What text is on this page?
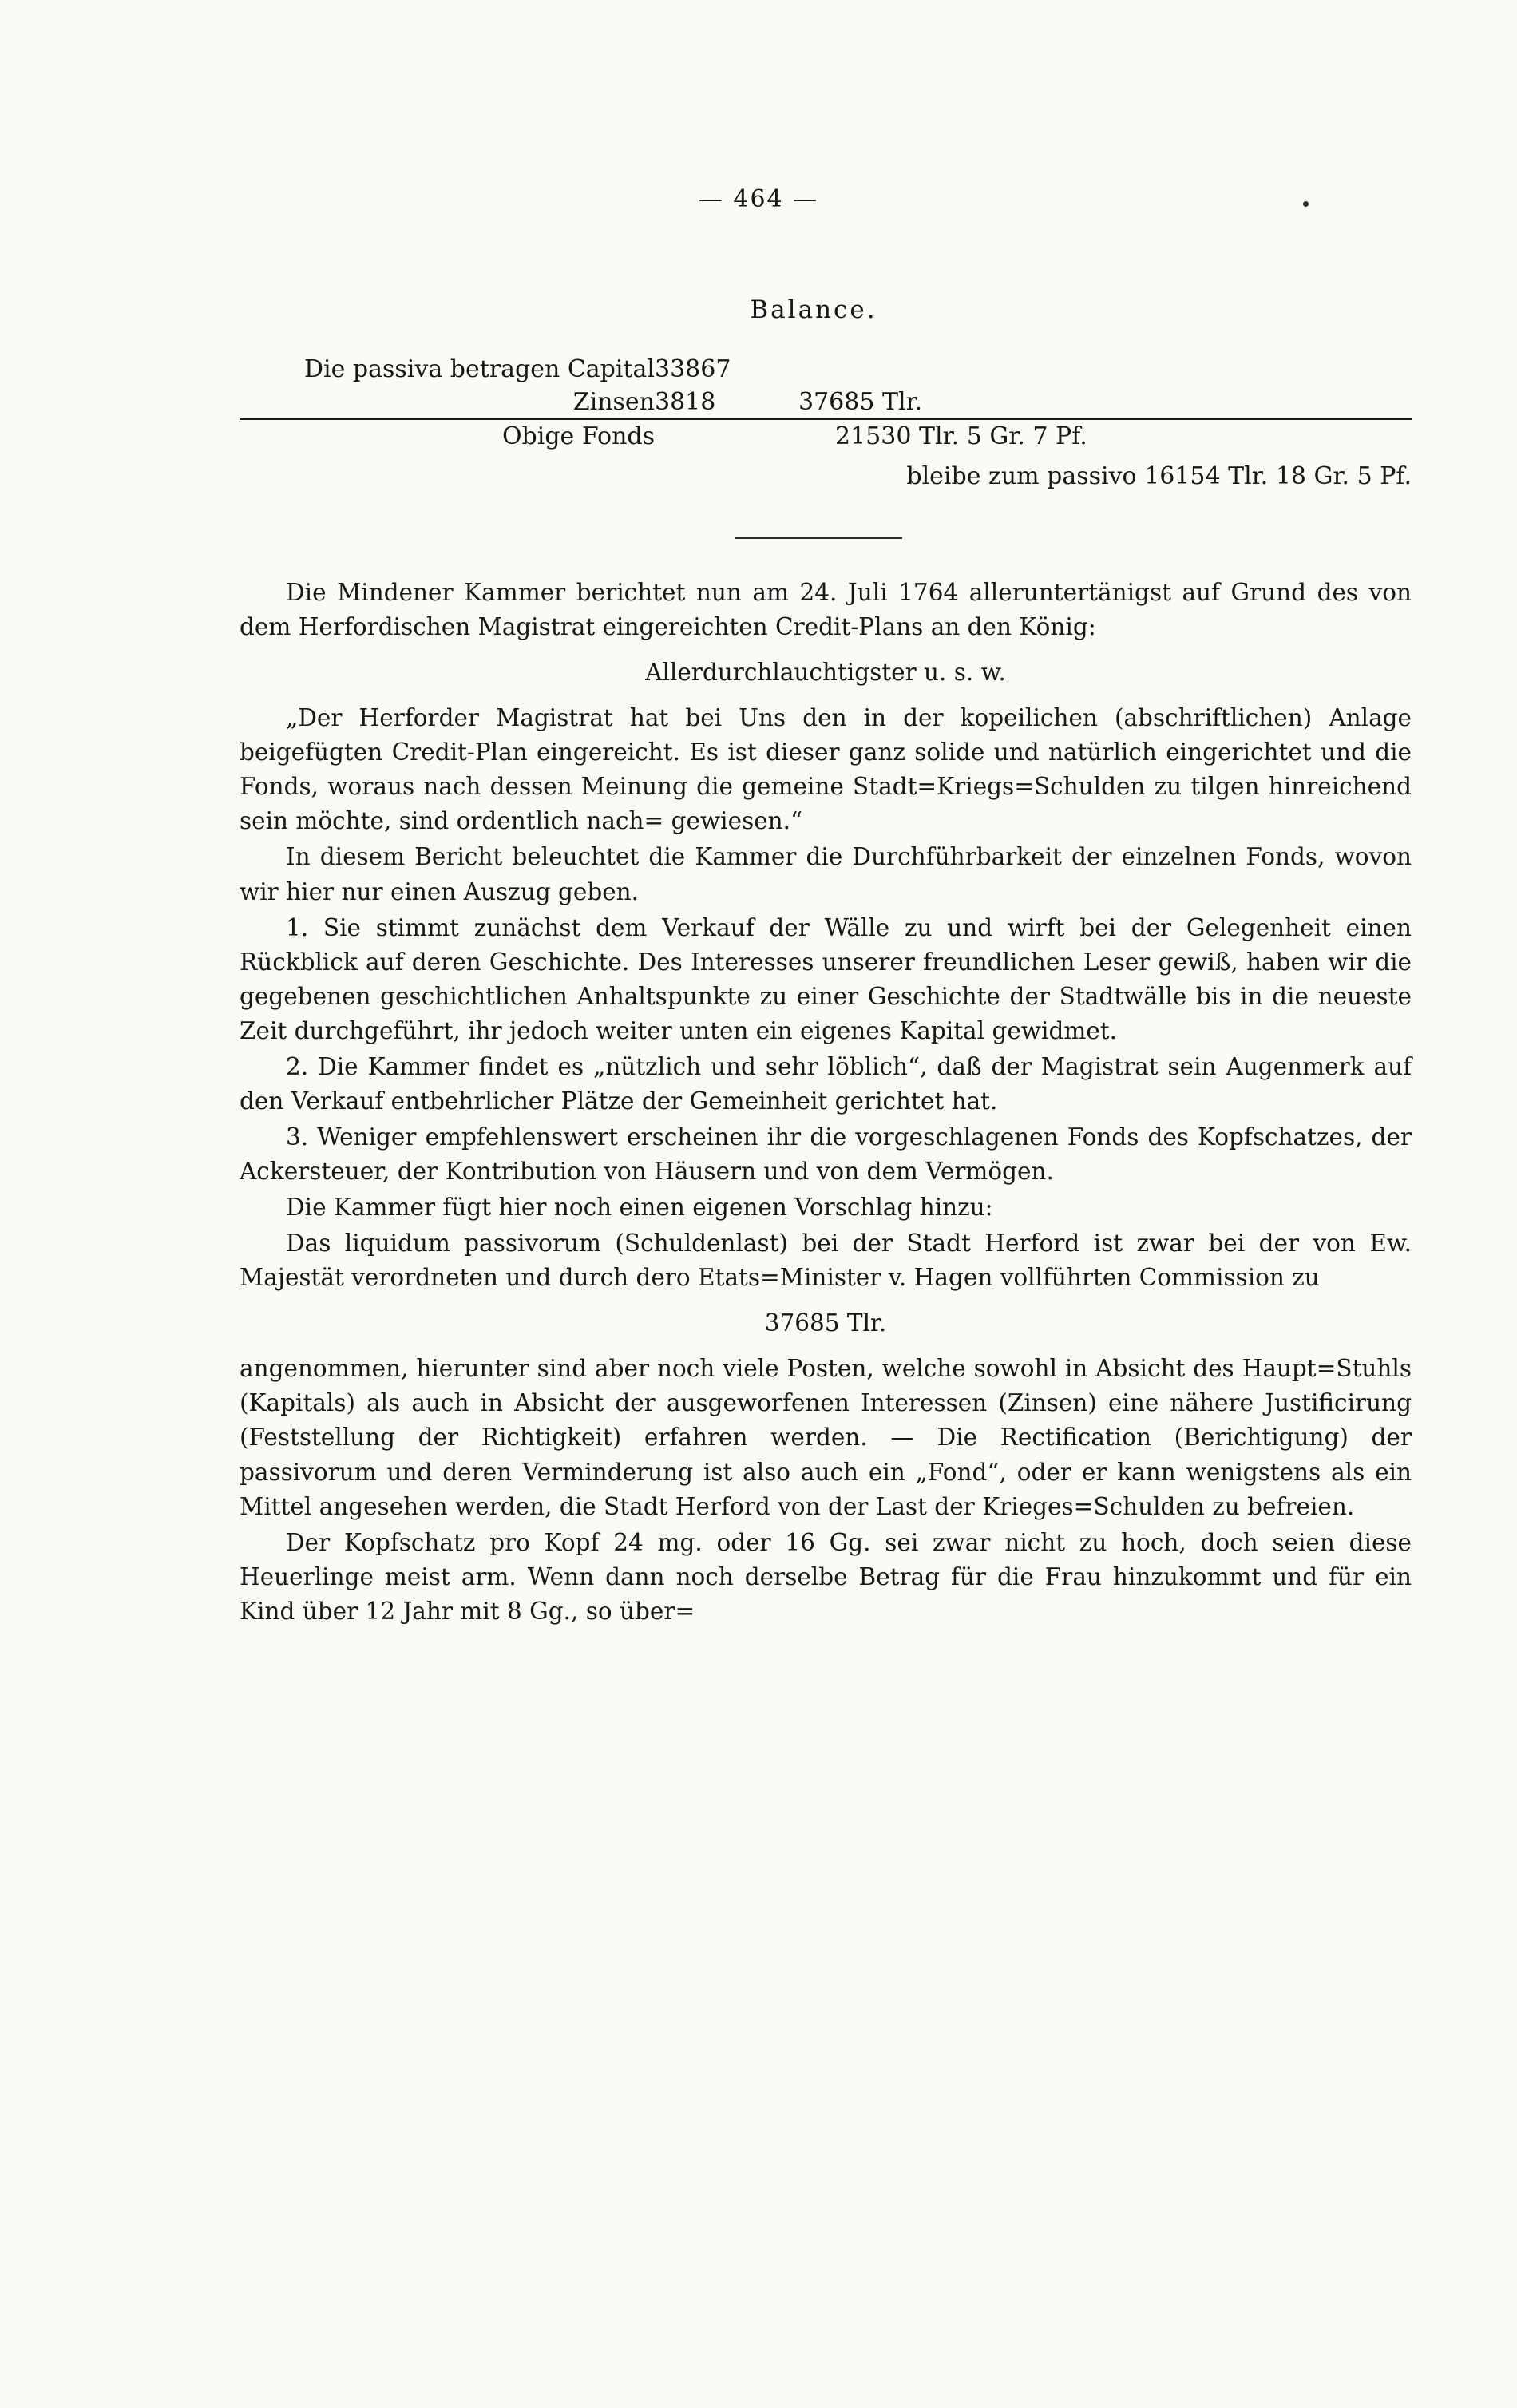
— 464 —
Balance.
Die passiva betragen Capital	33867	
Zinsen	3818	37685 Tlr.
Obige Fonds		21530 Tlr. 5 Gr. 7 Pf.
bleibe zum passivo 16154 Tlr. 18 Gr. 5 Pf.		

Die Mindener Kammer berichtet nun am 24. Juli 1764 alleruntertänigst auf Grund des von dem Herfordischen Magistrat eingereichten Credit-Plans an den König:

Allerdurchlauchtigster u. s. w.

„Der Herforder Magistrat hat bei Uns den in der kopeilichen (abschriftlichen) Anlage beigefügten Credit-Plan eingereicht. Es ist dieser ganz solide und natürlich eingerichtet und die Fonds, woraus nach dessen Meinung die gemeine Stadt=Kriegs=Schulden zu tilgen hinreichend sein möchte, sind ordentlich nach= gewiesen.“

In diesem Bericht beleuchtet die Kammer die Durchführbarkeit der einzelnen Fonds, wovon wir hier nur einen Auszug geben.

1. Sie stimmt zunächst dem Verkauf der Wälle zu und wirft bei der Gelegenheit einen Rückblick auf deren Geschichte. Des Interesses unserer freundlichen Leser gewiß, haben wir die gegebenen geschichtlichen Anhaltspunkte zu einer Geschichte der Stadtwälle bis in die neueste Zeit durchgeführt, ihr jedoch weiter unten ein eigenes Kapital gewidmet.

2. Die Kammer findet es „nützlich und sehr löblich“, daß der Magistrat sein Augenmerk auf den Verkauf entbehrlicher Plätze der Gemeinheit gerichtet hat.

3. Weniger empfehlenswert erscheinen ihr die vorgeschlagenen Fonds des Kopfschatzes, der Ackersteuer, der Kontribution von Häusern und von dem Vermögen.

Die Kammer fügt hier noch einen eigenen Vorschlag hinzu:

Das liquidum passivorum (Schuldenlast) bei der Stadt Herford ist zwar bei der von Ew. Majestät verordneten und durch dero Etats=Minister v. Hagen vollführten Commission zu

37685 Tlr.

angenommen, hierunter sind aber noch viele Posten, welche sowohl in Absicht des Haupt=Stuhls (Kapitals) als auch in Absicht der ausgeworfenen Interessen (Zinsen) eine nähere Justificirung (Feststellung der Richtigkeit) erfahren werden. — Die Rectification (Berichtigung) der passivorum und deren Verminderung ist also auch ein „Fond“, oder er kann wenigstens als ein Mittel angesehen werden, die Stadt Herford von der Last der Krieges=Schulden zu befreien.

Der Kopfschatz pro Kopf 24 mg. oder 16 Gg. sei zwar nicht zu hoch, doch seien diese Heuerlinge meist arm. Wenn dann noch derselbe Betrag für die Frau hinzukommt und für ein Kind über 12 Jahr mit 8 Gg., so über=
